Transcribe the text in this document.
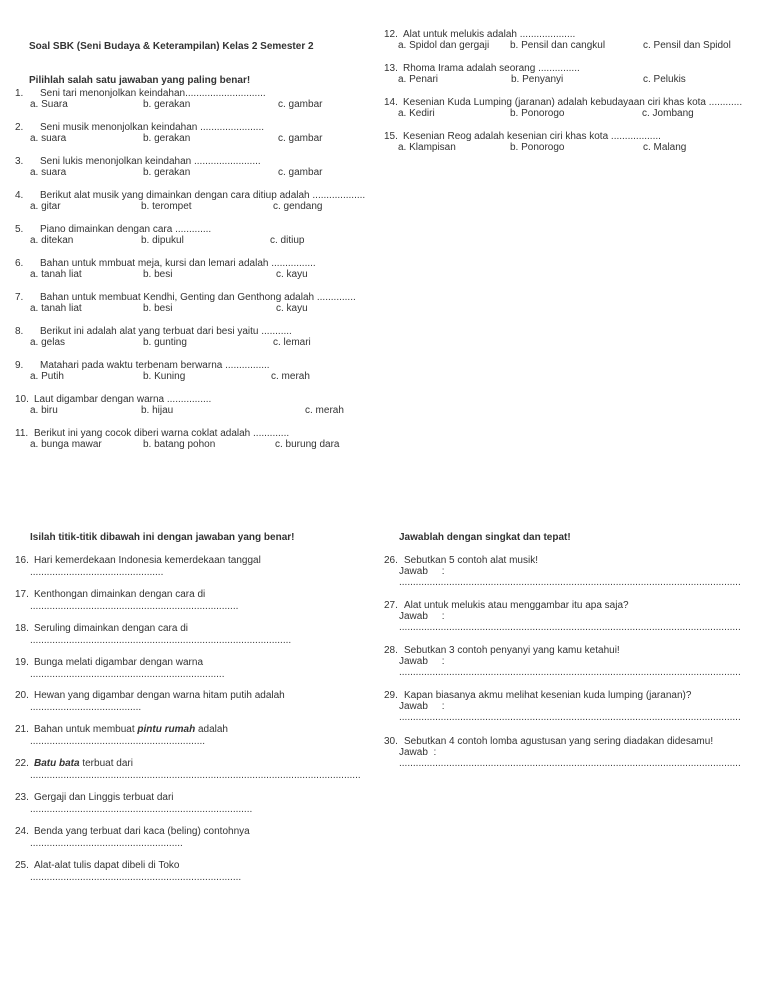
Soal SBK (Seni Budaya & Keterampilan) Kelas 2 Semester 2
Pilihlah salah satu jawaban yang paling benar!
1. Seni tari menonjolkan keindahan.............................
a. Suara	b. gerakan	c. gambar
2. Seni musik menonjolkan keindahan .......................
a. suara	b. gerakan	c. gambar
3. Seni lukis menonjolkan keindahan ........................
a. suara	b. gerakan	c. gambar
4. Berikut alat musik yang dimainkan dengan cara ditiup adalah ...................
a. gitar	b. terompet	c. gendang
5. Piano dimainkan dengan cara .............
a. ditekan	b. dipukul	c. ditiup
6. Bahan untuk mmbuat meja, kursi dan lemari adalah ................
a. tanah liat	b. besi	c. kayu
7. Bahan untuk membuat Kendhi, Genting dan Genthong adalah ..............
a. tanah liat	b. besi	c. kayu
8. Berikut ini adalah alat yang terbuat dari besi yaitu ...........
a. gelas	b. gunting	c. lemari
9. Matahari pada waktu terbenam berwarna ................
a. Putih	b. Kuning	c. merah
10. Laut digambar dengan warna ................
a. biru	b. hijau	c. merah
11. Berikut ini yang cocok diberi warna coklat adalah .............
a. bunga mawar	b. batang pohon	c. burung dara
12. Alat untuk melukis adalah ....................
a. Spidol dan gergaji b. Pensil dan cangkul	c. Pensil dan Spidol
13. Rhoma Irama adalah seorang ...............
a. Penari	b. Penyanyi	c. Pelukis
14. Kesenian Kuda Lumping (jaranan) adalah kebudayaan ciri khas kota ............
a. Kediri	b. Ponorogo	c. Jombang
15. Kesenian Reog adalah kesenian ciri khas kota ..................
a. Klampisan	b. Ponorogo	c. Malang
Isilah titik-titik dibawah ini dengan jawaban yang benar!
16. Hari kemerdekaan Indonesia kemerdekaan tanggal
................................................
17. Kenthongan dimainkan dengan cara di
...........................................................................
18. Seruling dimainkan dengan cara di
..............................................................................................
19. Bunga melati digambar dengan warna
......................................................................
20. Hewan yang digambar dengan warna hitam putih adalah
........................................
21. Bahan untuk membuat pintu rumah adalah
...............................................................
22. Batu bata terbuat dari
.......................................................................................................................
23. Gergaji dan Linggis terbuat dari
................................................................................
24. Benda yang terbuat dari kaca (beling) contohnya
.......................................................
25. Alat-alat tulis dapat dibeli di Toko
............................................................................
Jawablah dengan singkat dan tepat!
26. Sebutkan 5 contoh alat musik!
Jawab     :
...........................................................................................................................
27. Alat untuk melukis atau menggambar itu apa saja?
Jawab     :
...........................................................................................................................
28. Sebutkan 3 contoh penyanyi yang kamu ketahui!
Jawab     :
...........................................................................................................................
29. Kapan biasanya akmu melihat kesenian kuda lumping (jaranan)?
Jawab     :
...........................................................................................................................
30. Sebutkan 4 contoh lomba agustusan yang sering diadakan didesamu!
Jawab  :
...........................................................................................................................
